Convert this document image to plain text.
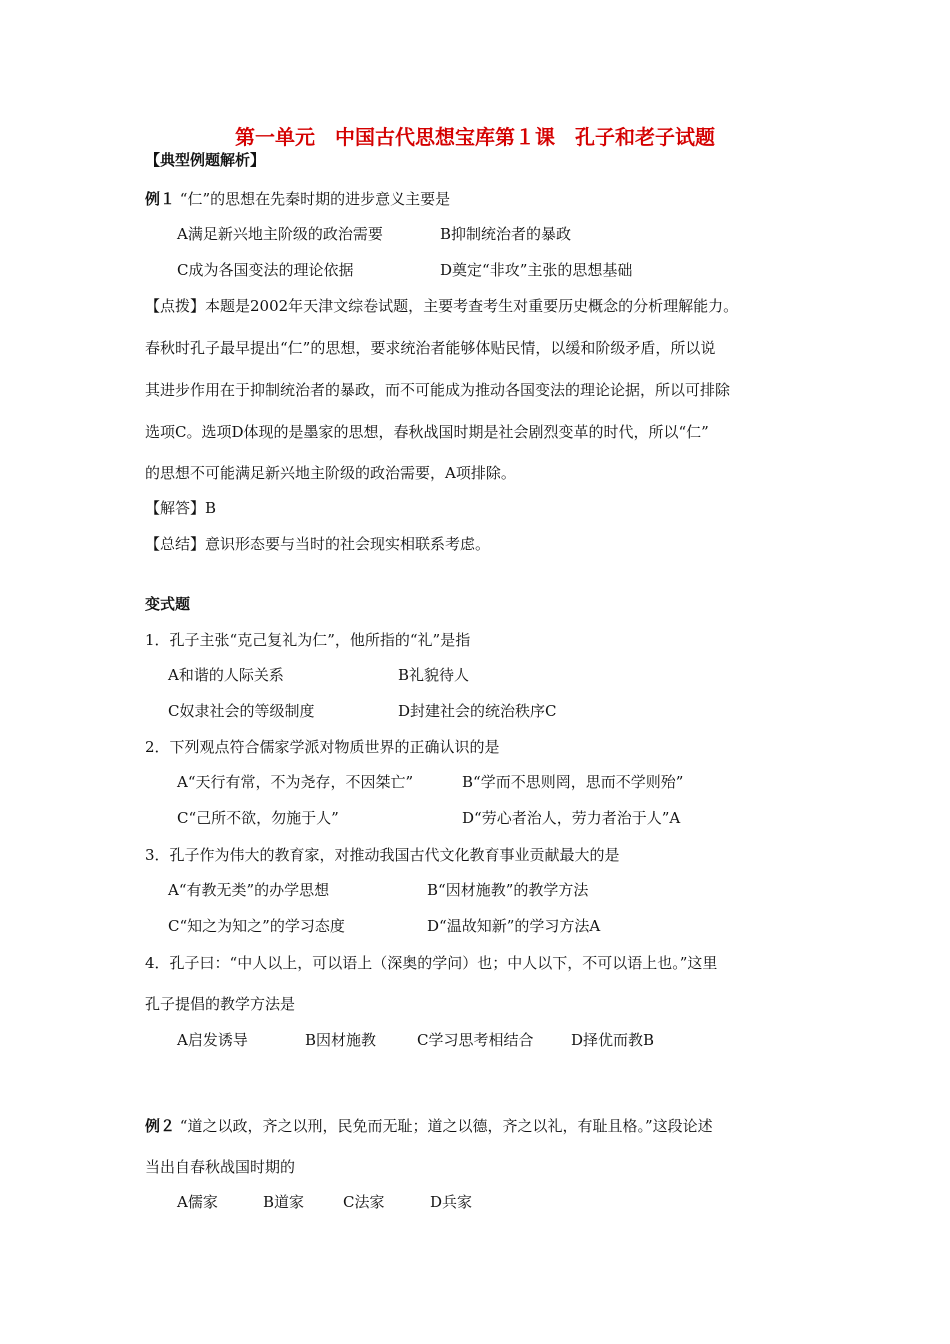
第一单元　中国古代思想宝库第１课　孔子和老子试题
【典型例题解析】
例１ “仁”的思想在先秦时期的进步意义主要是
A满足新兴地主阶级的政治需要	B抑制统治者的暴政
C成为各国变法的理论依据	D奠定“非攻”主张的思想基础
【点拨】本题是2002年天津文综卷试题，主要考查考生对重要历史概念的分析理解能力。
春秋时孔子最早提出“仁”的思想，要求统治者能够体贴民情，以缓和阶级矛盾，所以说
其进步作用在于抑制统治者的暴政，而不可能成为推动各国变法的理论论据，所以可排除
选项C。选项D体现的是墨家的思想，春秋战国时期是社会剧烈变革的时代，所以“仁”
的思想不可能满足新兴地主阶级的政治需要，A项排除。
【解答】B
【总结】意识形态要与当时的社会现实相联系考虑。
变式题
1．孔子主张“克己复礼为仁”，他所指的“礼”是指
A和谐的人际关系	B礼貌待人
C奴隶社会的等级制度	D封建社会的统治秩序C
2．下列观点符合儒家学派对物质世界的正确认识的是
A“天行有常，不为尧存，不因桀亡”	B“学而不思则罔，思而不学则殆”
C“己所不欲，勿施于人”	D“劳心者治人，劳力者治于人”A
3．孔子作为伟大的教育家，对推动我国古代文化教育事业贡献最大的是
A“有教无类”的办学思想	B“因材施教”的教学方法
C“知之为知之”的学习态度	D“温故知新”的学习方法A
4．孔子曰：“中人以上，可以语上（深奥的学问）也；中人以下，不可以语上也。”这里
孔子提倡的教学方法是
A启发诱导	B因材施教	C学习思考相结合	D择优而教B
例２ “道之以政，齐之以刑，民免而无耻；道之以德，齐之以礼，有耻且格。”这段论述
当出自春秋战国时期的
A儒家	B道家	C法家	D兵家
